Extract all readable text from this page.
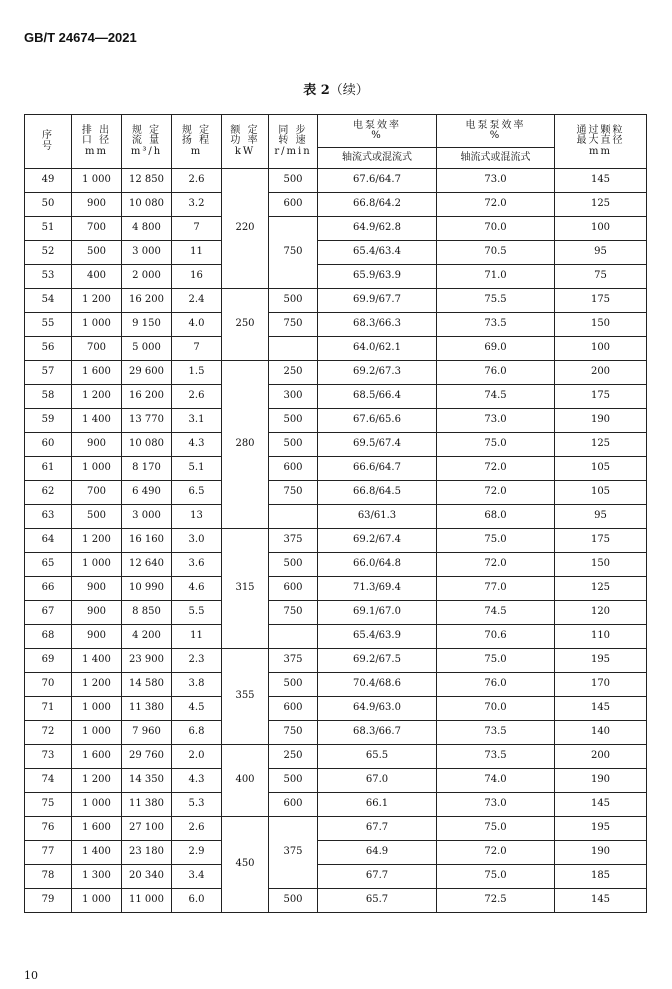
GB/T 24674—2021
表 2（续）
序
号	排 出
口 径
mm	规 定
流 量
m³/h	规 定
扬 程
m	额 定
功 率
kW	同 步
转 速
r/min	电泵效率
%	电泵泵效率
%	通过颗粒
最大直径
mm

						轴流式或混流式	轴流式或混流式	
49	1 000	12 850	2.6	220	500	67.6/64.7	73.0	145
50	900	10 080	3.2		600	66.8/64.2	72.0	125
51	700	4 800	7		750	64.9/62.8	70.0	100
52	500	3 000	11			65.4/63.4	70.5	95
53	400	2 000	16			65.9/63.9	71.0	75
54	1 200	16 200	2.4	250	500	69.9/67.7	75.5	175
55	1 000	9 150	4.0		750	68.3/66.3	73.5	150
56	700	5 000	7			64.0/62.1	69.0	100
57	1 600	29 600	1.5	280	250	69.2/67.3	76.0	200
58	1 200	16 200	2.6		300	68.5/66.4	74.5	175
59	1 400	13 770	3.1		500	67.6/65.6	73.0	190
60	900	10 080	4.3		500	69.5/67.4	75.0	125
61	1 000	8 170	5.1		600	66.6/64.7	72.0	105
62	700	6 490	6.5		750	66.8/64.5	72.0	105
63	500	3 000	13			63/61.3	68.0	95
64	1 200	16 160	3.0	315	375	69.2/67.4	75.0	175
65	1 000	12 640	3.6		500	66.0/64.8	72.0	150
66	900	10 990	4.6		600	71.3/69.4	77.0	125
67	900	8 850	5.5		750	69.1/67.0	74.5	120
68	900	4 200	11			65.4/63.9	70.6	110
69	1 400	23 900	2.3	355	375	69.2/67.5	75.0	195
70	1 200	14 580	3.8		500	70.4/68.6	76.0	170
71	1 000	11 380	4.5		600	64.9/63.0	70.0	145
72	1 000	7 960	6.8		750	68.3/66.7	73.5	140
73	1 600	29 760	2.0	400	250	65.5	73.5	200
74	1 200	14 350	4.3		500	67.0	74.0	190
75	1 000	11 380	5.3		600	66.1	73.0	145
76	1 600	27 100	2.6	450	375	67.7	75.0	195
77	1 400	23 180	2.9			64.9	72.0	190
78	1 300	20 340	3.4			67.7	75.0	185
79	1 000	11 000	6.0		500	65.7	72.5	145
10
